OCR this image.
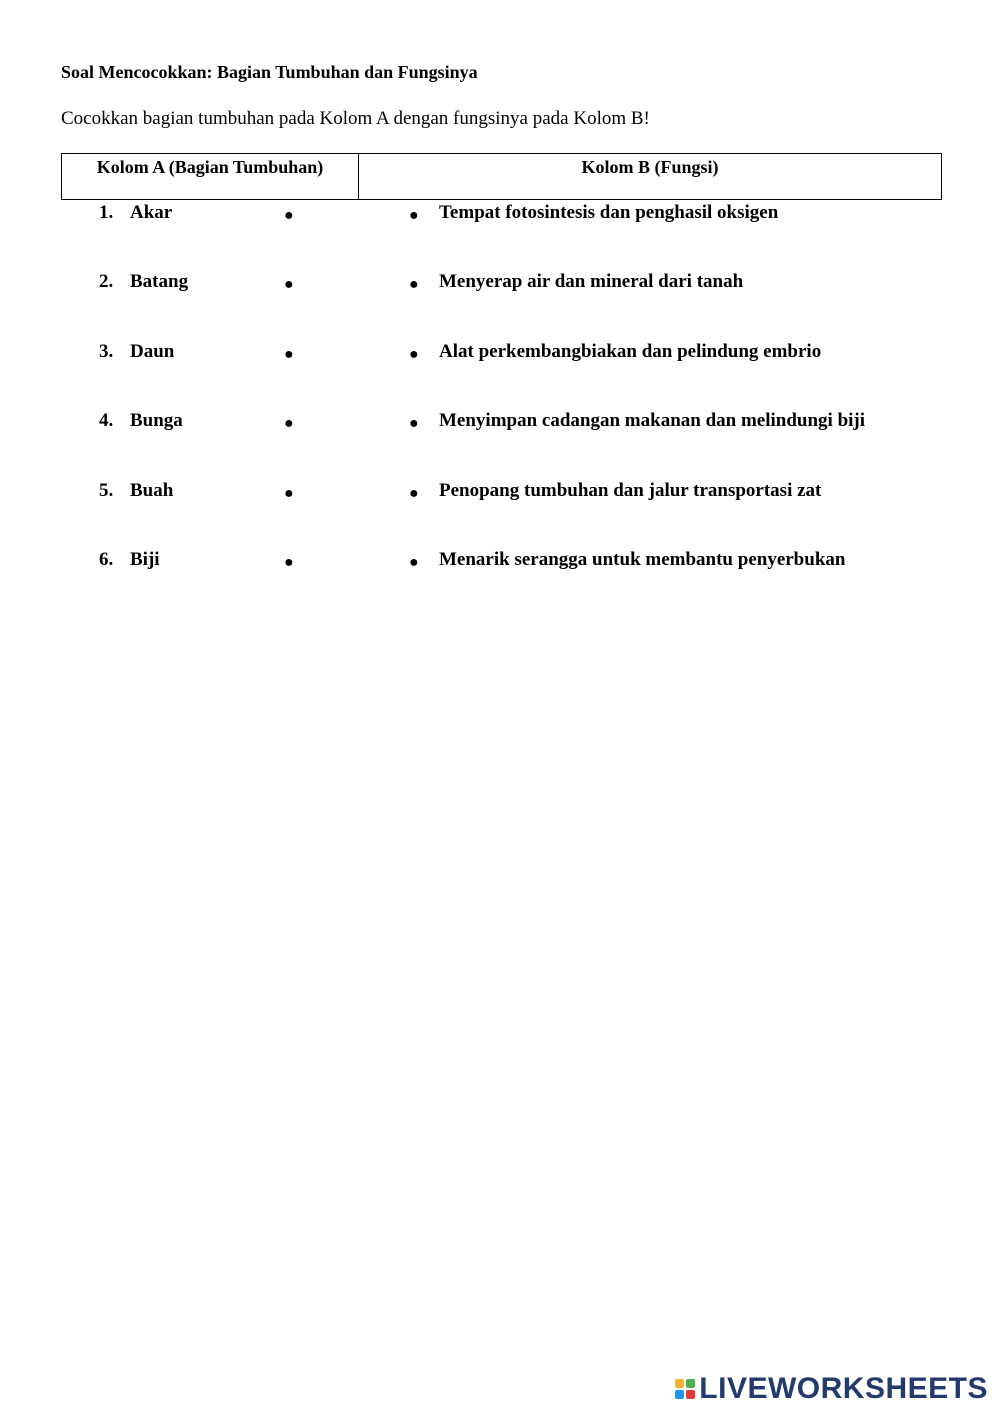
Soal Mencocokkan: Bagian Tumbuhan dan Fungsinya
Cocokkan bagian tumbuhan pada Kolom A dengan fungsinya pada Kolom B!
Kolom A (Bagian Tumbuhan)	Kolom B (Fungsi)
1. Akar	●	● Tempat fotosintesis dan penghasil oksigen
2. Batang	●	● Menyerap air dan mineral dari tanah
3. Daun	●	● Alat perkembangbiakan dan pelindung embrio
4. Bunga	●	● Menyimpan cadangan makanan dan melindungi biji
5. Buah	●	● Penopang tumbuhan dan jalur transportasi zat
6. Biji	●	● Menarik serangga untuk membantu penyerbukan
LIVEWORKSHEETS
